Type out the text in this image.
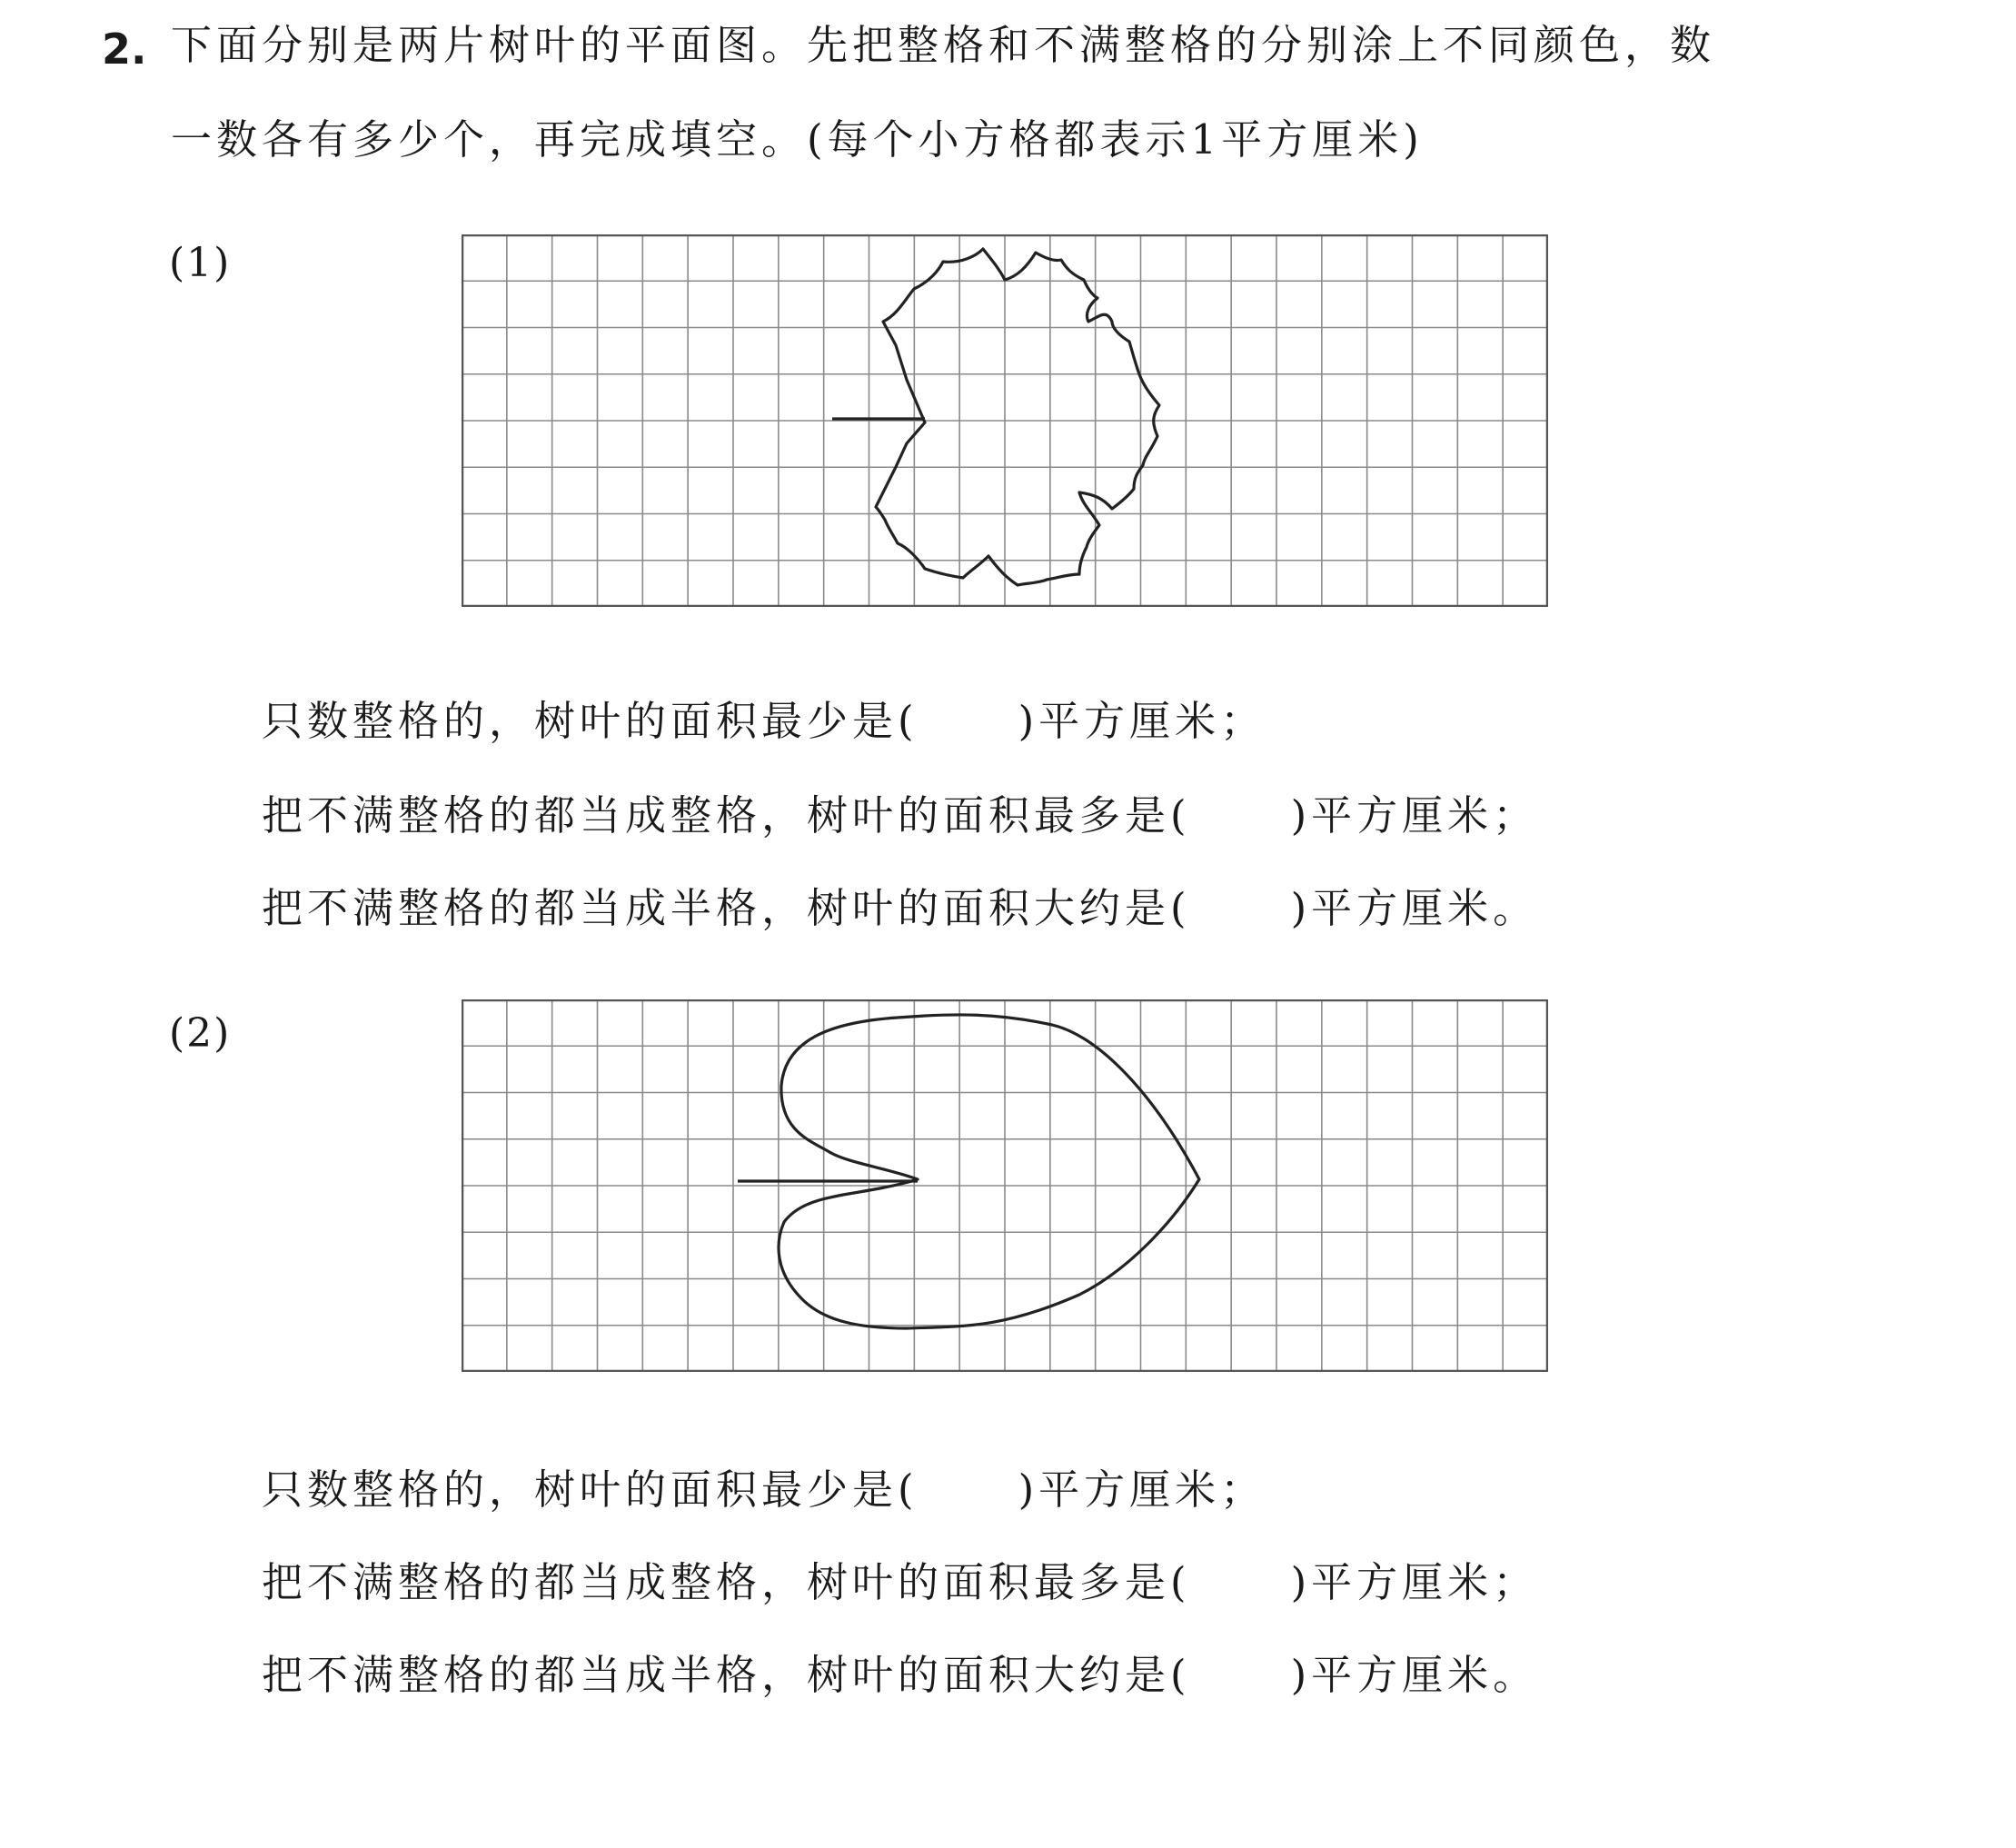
2. 下面分别是两片树叶的平面图。先把整格和不满整格的分别涂上不同颜色，数
一数各有多少个，再完成填空。(每个小方格都表示1平方厘米)
(1)
只数整格的，树叶的面积最少是( )平方厘米；
把不满整格的都当成整格，树叶的面积最多是( )平方厘米；
把不满整格的都当成半格，树叶的面积大约是( )平方厘米。
(2)
只数整格的，树叶的面积最少是( )平方厘米；
把不满整格的都当成整格，树叶的面积最多是( )平方厘米；
把不满整格的都当成半格，树叶的面积大约是( )平方厘米。
